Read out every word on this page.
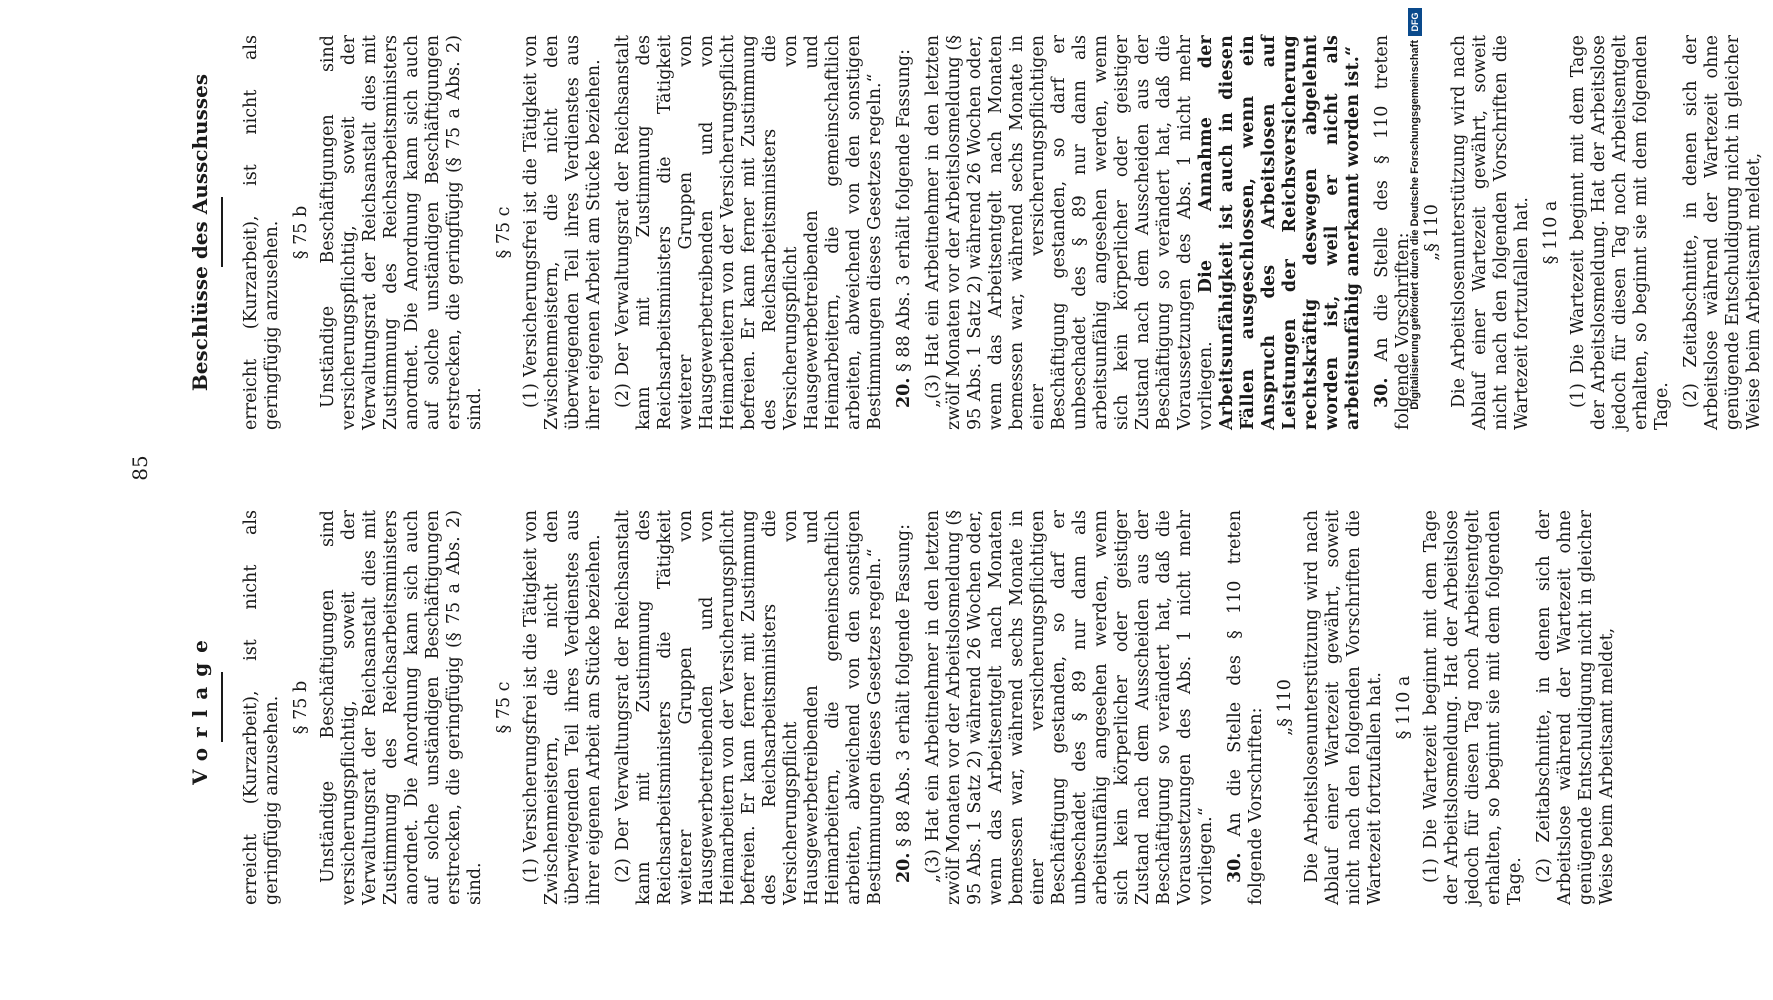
85
Vorlage erreicht (Kurzarbeit), ist nicht als geringfügig anzusehen. § 75 b Unständige Beschäftigungen sind versicherungspflichtig, soweit der Verwaltungsrat der Reichsanstalt dies mit Zustimmung des Reichsarbeitsministers anordnet. Die Anordnung kann sich auch auf solche unständigen Beschäftigungen erstrecken, die geringfügig (§ 75 a Abs. 2) sind.

§ 75 c (1) Versicherungsfrei ist die Tätigkeit von Zwischenmeistern, die nicht den überwiegenden Teil ihres Verdienstes aus ihrer eigenen Arbeit am Stücke beziehen. (2) Der Verwaltungsrat der Reichsanstalt kann mit Zustimmung des Reichsarbeitsministers die Tätigkeit weiterer Gruppen von Hausgewerbetreibenden und von Heimarbeitern von der Versicherungspflicht befreien. Er kann ferner mit Zustimmung des Reichsarbeitsministers die Versicherungspflicht von Hausgewerbetreibenden und Heimarbeitern, die gemeinschaftlich arbeiten, abweichend von den sonstigen Bestimmungen dieses Gesetzes regeln.“ 20. § 88 Abs. 3 erhält folgende Fassung: „(3) Hat ein Arbeitnehmer in den letzten zwölf Monaten vor der Arbeitslosmeldung (§ 95 Abs. 1 Satz 2) während 26 Wochen oder, wenn das Arbeitsentgelt nach Monaten bemessen war, während sechs Monate in einer versicherungspflichtigen Beschäftigung gestanden, so darf er unbeschadet des § 89 nur dann als arbeitsunfähig angesehen werden, wenn sich kein körperlicher oder geistiger Zustand nach dem Ausscheiden aus der Beschäftigung so verändert hat, daß die Voraussetzungen des Abs. 1 nicht mehr vorliegen.“ 30. An die Stelle des § 110 treten folgende Vorschriften: „§ 110 Die Arbeitslosenunterstützung wird nach Ablauf einer Wartezeit gewährt, soweit nicht nach den folgenden Vorschriften die Wartezeit fortzufallen hat. § 110 a (1) Die Wartezeit beginnt mit dem Tage der Arbeitslosmeldung. Hat der Arbeitslose jedoch für diesen Tag noch Arbeitsentgelt erhalten, so beginnt sie mit dem folgenden Tage. (2) Zeitabschnitte, in denen sich der Arbeitslose während der Wartezeit ohne genügende Entschuldigung nicht in gleicher Weise beim Arbeitsamt meldet,

Beschlüsse des Ausschusses erreicht (Kurzarbeit), ist nicht als geringfügig anzusehen. § 75 b Unständige Beschäftigungen sind versicherungspflichtig, soweit der Verwaltungsrat der Reichsanstalt dies mit Zustimmung des Reichsarbeitsministers anordnet. Die Anordnung kann sich auch auf solche unständigen Beschäftigungen erstrecken, die geringfügig (§ 75 a Abs. 2) sind.

§ 75 c (1) Versicherungsfrei ist die Tätigkeit von Zwischenmeistern, die nicht den überwiegenden Teil ihres Verdienstes aus ihrer eigenen Arbeit am Stücke beziehen. (2) Der Verwaltungsrat der Reichsanstalt kann mit Zustimmung des Reichsarbeitsministers die Tätigkeit weiterer Gruppen von Hausgewerbetreibenden und von Heimarbeitern von der Versicherungspflicht befreien. Er kann ferner mit Zustimmung des Reichsarbeitsministers die Versicherungspflicht von Hausgewerbetreibenden und Heimarbeitern, die gemeinschaftlich arbeiten, abweichend von den sonstigen Bestimmungen dieses Gesetzes regeln.“ 20. § 88 Abs. 3 erhält folgende Fassung: „(3) Hat ein Arbeitnehmer in den letzten zwölf Monaten vor der Arbeitslosmeldung (§ 95 Abs. 1 Satz 2) während 26 Wochen oder, wenn das Arbeitsentgelt nach Monaten bemessen war, während sechs Monate in einer versicherungspflichtigen Beschäftigung gestanden, so darf er unbeschadet des § 89 nur dann als arbeitsunfähig angesehen werden, wenn sich kein körperlicher oder geistiger Zustand nach dem Ausscheiden aus der Beschäftigung so verändert hat, daß die Voraussetzungen des Abs. 1 nicht mehr vorliegen. Die Annahme der Arbeitsunfähigkeit ist auch in diesen Fällen ausgeschlossen, wenn ein Anspruch des Arbeitslosen auf Leistungen der Reichsversicherung rechtskräftig deswegen abgelehnt worden ist, weil er nicht als arbeitsunfähig anerkannt worden ist.“ 30. An die Stelle des § 110 treten folgende Vorschriften: „§ 110 Die Arbeitslosenunterstützung wird nach Ablauf einer Wartezeit gewährt, soweit nicht nach den folgenden Vorschriften die Wartezeit fortzufallen hat. § 110 a (1) Die Wartezeit beginnt mit dem Tage der Arbeitslosmeldung. Hat der Arbeitslose jedoch für diesen Tag noch Arbeitsentgelt erhalten, so beginnt sie mit dem folgenden Tage. (2) Zeitabschnitte, in denen sich der Arbeitslose während der Wartezeit ohne genügende Entschuldigung nicht in gleicher Weise beim Arbeitsamt meldet,

Digitalisierung gefördert durch die Deutsche Forschungsgemeinschaft
DFG
